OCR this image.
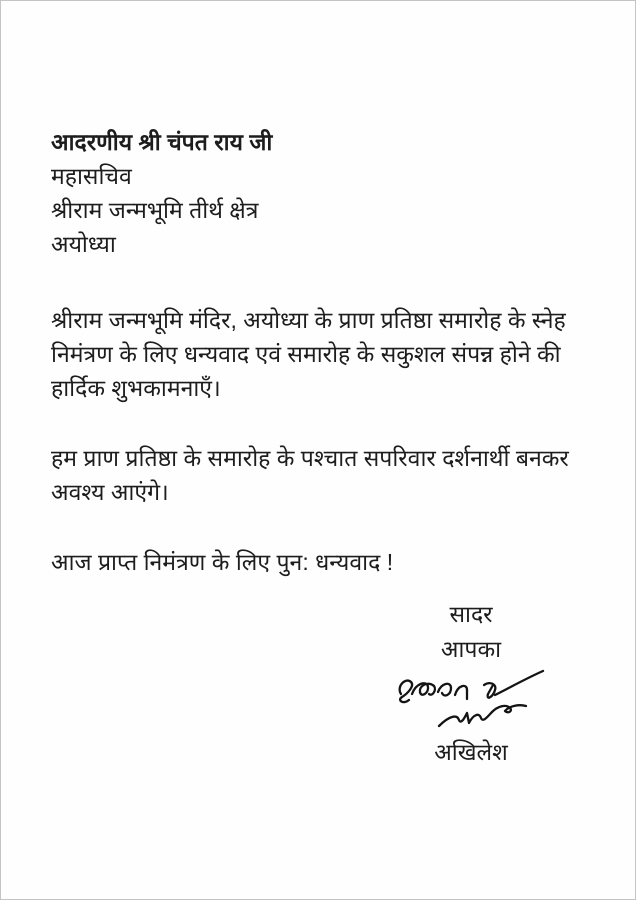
आदरणीय श्री चंपत राय जी
महासचिव
श्रीराम जन्मभूमि तीर्थ क्षेत्र
अयोध्या

श्रीराम जन्मभूमि मंदिर, अयोध्या के प्राण प्रतिष्ठा समारोह के स्नेह निमंत्रण के लिए धन्यवाद एवं समारोह के सकुशल संपन्न होने की हार्दिक शुभकामनाएँ।

हम प्राण प्रतिष्ठा के समारोह के पश्चात सपरिवार दर्शनार्थी बनकर अवश्य आएंगे।

आज प्राप्त निमंत्रण के लिए पुन: धन्यवाद !

सादर
आपका
अखिलेश
